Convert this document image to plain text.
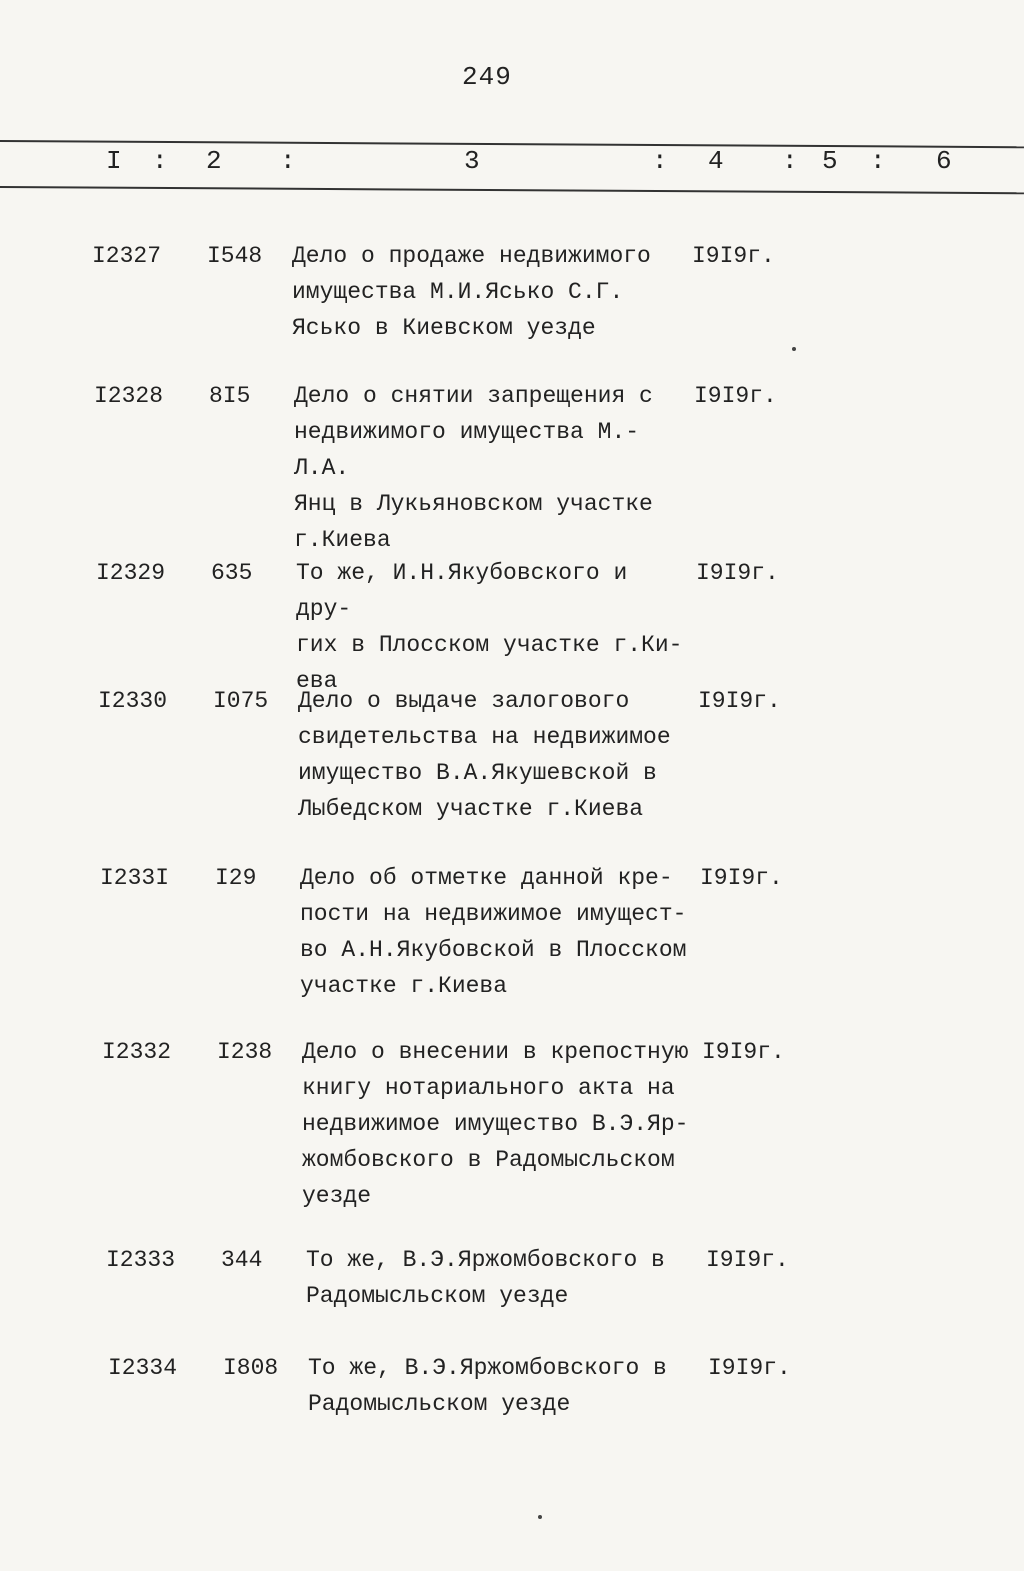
249
I : 2 :	3	: 4 : 5 : 6
I2327	I548	Дело о продаже недвижимого
имущества М.И.Ясько С.Г.
Ясько в Киевском уезде
I9I9г.
I2328	8I5	Дело о снятии запрещения с
недвижимого имущества М.-Л.А.
Янц в Лукьяновском участке
г.Киева
I9I9г.
I2329	635	То же, И.Н.Якубовского и дру-
гих в Плосском участке г.Ки-
ева
I9I9г.
I2330	I075	Дело о выдаче залогового
свидетельства на недвижимое
имущество В.А.Якушевской в
Лыбедском участке г.Киева
I9I9г.
I233I	I29	Дело об отметке данной кре-
пости на недвижимое имущест-
во А.Н.Якубовской в Плосском
участке г.Киева
I9I9г.
I2332	I238	Дело о внесении в крепостную
книгу нотариального акта на
недвижимое имущество В.Э.Яр-
жомбовского в Радомысльском
уезде
I9I9г.
I2333	344	То же, В.Э.Яржомбовского в
Радомысльском уезде
I9I9г.
I2334	I808	То же, В.Э.Яржомбовского в
Радомысльском уезде
I9I9г.
